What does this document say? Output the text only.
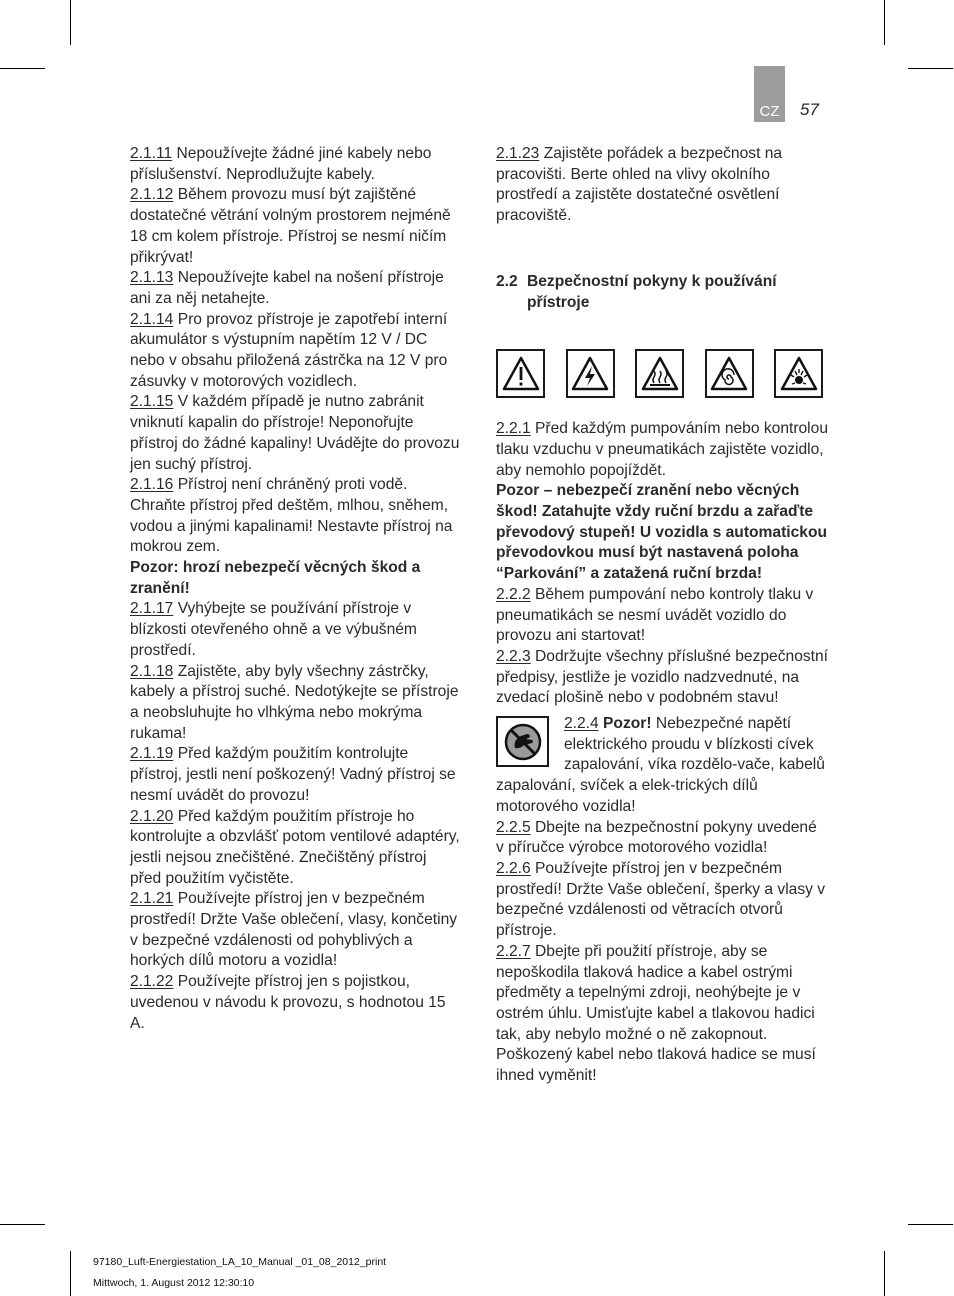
CZ 57

2.1.11 Nepoužívejte žádné jiné kabely nebo příslušenství. Neprodlužujte kabely.

2.1.12 Během provozu musí být zajištěné dostatečné větrání volným prostorem nejméně 18 cm kolem přístroje. Přístroj se nesmí ničím přikrývat!

2.1.13 Nepoužívejte kabel na nošení přístroje ani za něj netahejte.

2.1.14 Pro provoz přístroje je zapotřebí interní akumulátor s výstupním napětím 12 V / DC nebo v obsahu přiložená zástrčka na 12 V pro zásuvky v motorových vozidlech.

2.1.15 V každém případě je nutno zabránit vniknutí kapalin do přístroje! Neponořujte přístroj do žádné kapaliny! Uvádějte do provozu jen suchý přístroj.

2.1.16 Přístroj není chráněný proti vodě. Chraňte přístroj před deštěm, mlhou, sněhem, vodou a jinými kapalinami! Nestavte přístroj na mokrou zem.

Pozor: hrozí nebezpečí věcných škod a zranění!

2.1.17 Vyhýbejte se používání přístroje v blízkosti otevřeného ohně a ve výbušném prostředí.

2.1.18 Zajistěte, aby byly všechny zástrčky, kabely a přístroj suché. Nedotýkejte se přístroje a neobsluhujte ho vlhkýma nebo mokrýma rukama!

2.1.19 Před každým použitím kontrolujte přístroj, jestli není poškozený! Vadný přístroj se nesmí uvádět do provozu!

2.1.20 Před každým použitím přístroje ho kontrolujte a obzvlášť potom ventilové adaptéry, jestli nejsou znečištěné. Znečištěný přístroj před použitím vyčistěte.

2.1.21 Používejte přístroj jen v bezpečném prostředí! Držte Vaše oblečení, vlasy, končetiny v bezpečné vzdálenosti od pohyblivých a horkých dílů motoru a vozidla!

2.1.22 Používejte přístroj jen s pojistkou, uvedenou v návodu k provozu, s hodnotou 15 A.

2.1.23 Zajistěte pořádek a bezpečnost na pracovišti. Berte ohled na vlivy okolního prostředí a zajistěte dostatečné osvětlení pracoviště.

2.2 Bezpečnostní pokyny k používání přístroje

2.2.1 Před každým pumpováním nebo kontrolou tlaku vzduchu v pneumatikách zajistěte vozidlo, aby nemohlo popojíždět.

Pozor – nebezpečí zranění nebo věcných škod! Zatahujte vždy ruční brzdu a zařaďte převodový stupeň! U vozidla s automatickou převodovkou musí být nastavená poloha “Parkování” a zatažená ruční brzda!

2.2.2 Během pumpování nebo kontroly tlaku v pneumatikách se nesmí uvádět vozidlo do provozu ani startovat!

2.2.3 Dodržujte všechny příslušné bezpečnostní předpisy, jestliže je vozidlo nadzvednuté, na zvedací plošině nebo v podobném stavu!

2.2.4 Pozor! Nebezpečné napětí elektrického proudu v blízkosti cívek zapalování, víka rozdělo-vače, kabelů zapalování, svíček a elek-trických dílů motorového vozidla!

2.2.5 Dbejte na bezpečnostní pokyny uvedené v příručce výrobce motorového vozidla!

2.2.6 Používejte přístroj jen v bezpečném prostředí! Držte Vaše oblečení, šperky a vlasy v bezpečné vzdálenosti od větracích otvorů přístroje.

2.2.7 Dbejte při použití přístroje, aby se nepoškodila tlaková hadice a kabel ostrými předměty a tepelnými zdroji, neohýbejte je v ostrém úhlu. Umisťujte kabel a tlakovou hadici tak, aby nebylo možné o ně zakopnout. Poškozený kabel nebo tlaková hadice se musí ihned vyměnit!

97180_Luft-Energiestation_LA_10_Manual _01_08_2012_print
Mittwoch, 1. August 2012 12:30:10
